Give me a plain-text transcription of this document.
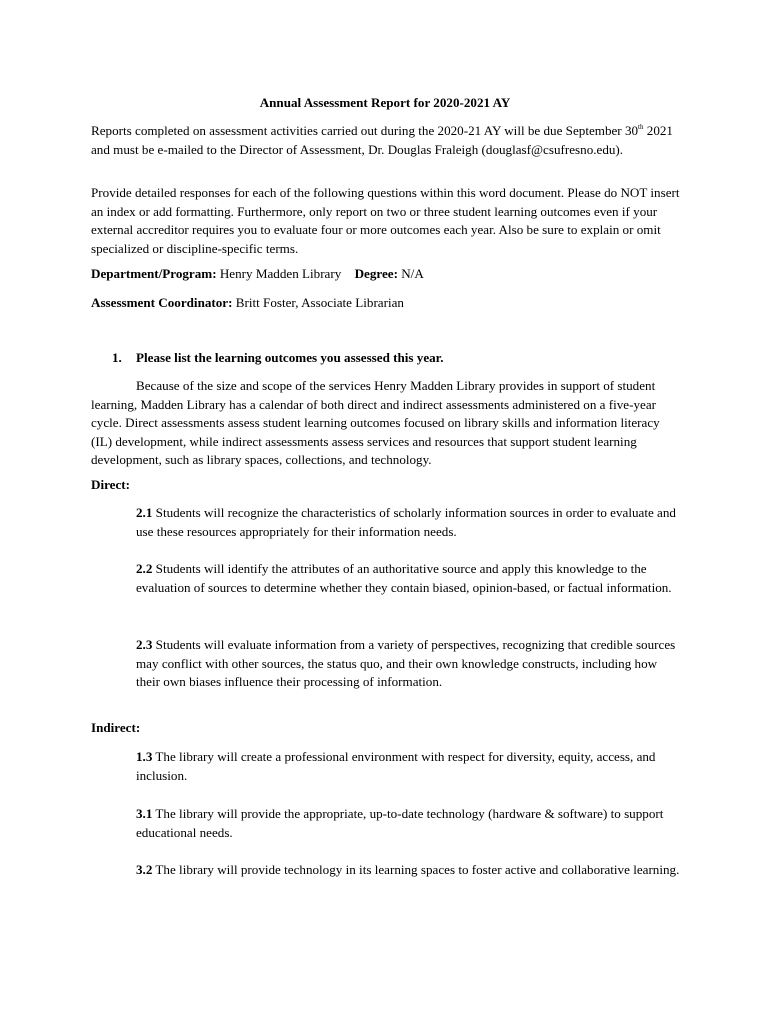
Annual Assessment Report for 2020-2021 AY
Reports completed on assessment activities carried out during the 2020-21 AY will be due September 30th 2021 and must be e-mailed to the Director of Assessment, Dr. Douglas Fraleigh (douglasf@csufresno.edu).
Provide detailed responses for each of the following questions within this word document. Please do NOT insert an index or add formatting. Furthermore, only report on two or three student learning outcomes even if your external accreditor requires you to evaluate four or more outcomes each year. Also be sure to explain or omit specialized or discipline-specific terms.
Department/Program: Henry Madden Library Degree: N/A
Assessment Coordinator: Britt Foster, Associate Librarian
1. Please list the learning outcomes you assessed this year.
Because of the size and scope of the services Henry Madden Library provides in support of student learning, Madden Library has a calendar of both direct and indirect assessments administered on a five-year cycle. Direct assessments assess student learning outcomes focused on library skills and information literacy (IL) development, while indirect assessments assess services and resources that support student learning development, such as library spaces, collections, and technology.
Direct:
2.1 Students will recognize the characteristics of scholarly information sources in order to evaluate and use these resources appropriately for their information needs.
2.2 Students will identify the attributes of an authoritative source and apply this knowledge to the evaluation of sources to determine whether they contain biased, opinion-based, or factual information.
2.3 Students will evaluate information from a variety of perspectives, recognizing that credible sources may conflict with other sources, the status quo, and their own knowledge constructs, including how their own biases influence their processing of information.
Indirect:
1.3 The library will create a professional environment with respect for diversity, equity, access, and inclusion.
3.1 The library will provide the appropriate, up-to-date technology (hardware & software) to support educational needs.
3.2 The library will provide technology in its learning spaces to foster active and collaborative learning.
